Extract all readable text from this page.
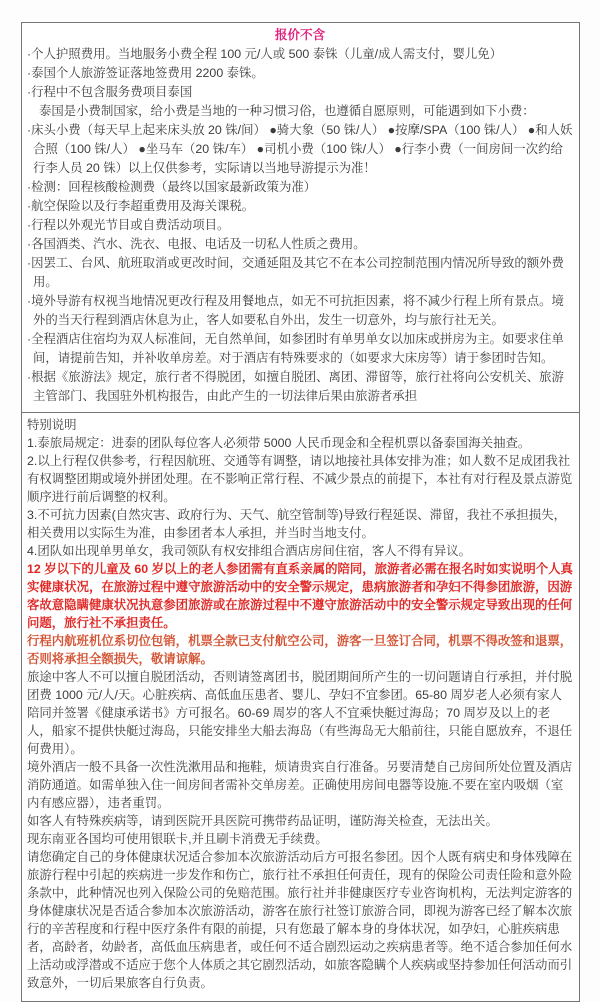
报价不含

·个人护照费用。当地服务小费全程 100 元/人或 500 泰铢（儿童/成人需支付，婴儿免）

·泰国个人旅游签证落地签费用 2200 泰铢。

·行程中不包含服务费项目泰国

泰国是小费制国家，给小费是当地的一种习惯习俗，也遵循自愿原则，可能遇到如下小费：

·床头小费（每天早上起来床头放 20 铢/间） ●骑大象（50 铢/人） ●按摩/SPA（100 铢/人） ●和人妖合照（100 铢/人） ●坐马车（20 铢/车） ●司机小费（100 铢/人） ●行李小费（一间房间一次约给行李人员 20 铢）以上仅供参考，实际请以当地导游提示为准！

·检测：回程核酸检测费（最终以国家最新政策为准）

·航空保险以及行李超重费用及海关课税。

·行程以外观光节目或自费活动项目。

·各国酒类、汽水、洗衣、电报、电话及一切私人性质之费用。

·因罢工、台风、航班取消或更改时间，交通延阻及其它不在本公司控制范围内情况所导致的额外费用。

·境外导游有权视当地情况更改行程及用餐地点，如无不可抗拒因素，将不减少行程上所有景点。境外的当天行程到酒店休息为止，客人如要私自外出，发生一切意外，均与旅行社无关。

·全程酒店住宿均为双人标准间，无自然单间，如参团时有单男单女以加床或拼房为主。如要求住单间，请提前告知，并补收单房差。对于酒店有特殊要求的（如要求大床房等）请于参团时告知。

·根据《旅游法》规定，旅行者不得脱团，如擅自脱团、离团、滞留等，旅行社将向公安机关、旅游主管部门、我国驻外机构报告，由此产生的一切法律后果由旅游者承担

特别说明

1.泰旅局规定：进泰的团队每位客人必须带 5000 人民币现金和全程机票以备泰国海关抽查。

2.以上行程仅供参考，行程因航班、交通等有调整，请以地接社具体安排为准；如人数不足成团我社有权调整团期或境外拼团处理。在不影响正常行程、不减少景点的前提下，本社有对行程及景点游览顺序进行前后调整的权利。

3.不可抗力因素(自然灾害、政府行为、天气、航空管制等)导致行程延误、滞留，我社不承担损失，相关费用以实际生为准，由参团者本人承担，并当时当地支付。

4.团队如出现单男单女，我司领队有权安排组合酒店房间住宿，客人不得有异议。

12 岁以下的儿童及 60 岁以上的老人参团需有直系亲属的陪同，旅游者必需在报名时如实说明个人真实健康状况，在旅游过程中遵守旅游活动中的安全警示规定，患病旅游者和孕妇不得参团旅游，因游客故意隐瞒健康状况执意参团旅游或在旅游过程中不遵守旅游活动中的安全警示规定导致出现的任何问题，旅行社不承担责任。

行程内航班机位系切位包销，机票全款已支付航空公司，游客一旦签订合同，机票不得改签和退票，否则将承担全额损失，敬请谅解。

旅途中客人不可以擅自脱团活动，否则请签离团书，脱团期间所产生的一切问题请自行承担，并付脱团费 1000 元/人/天。心脏疾病、高低血压患者、婴儿、孕妇不宜参团。65-80 周岁老人必须有家人陪同并签署《健康承诺书》方可报名。60-69 周岁的客人不宜乘快艇过海岛；70 周岁及以上的老人，船家不提供快艇过海岛，只能安排坐大船去海岛（有些海岛无大船前往，只能自愿放弃，不退任何费用）。

境外酒店一般不具备一次性洗漱用品和拖鞋，烦请贵宾自行准备。另要清楚自己房间所处位置及酒店消防通道。如需单独入住一间房间者需补交单房差。正确使用房间电器等设施.不要在室内吸烟（室内有感应器），违者重罚。

如客人有特殊疾病等，请到医院开具医院可携带药品证明，谨防海关检查，无法出关。

现东南亚各国均可使用银联卡,并且刷卡消费无手续费。

请您确定自己的身体健康状况适合参加本次旅游活动后方可报名参团。因个人既有病史和身体残障在旅游行程中引起的疾病进一步发作和伤亡，旅行社不承担任何责任，现有的保险公司责任险和意外险条款中，此种情况也列入保险公司的免赔范围。旅行社并非健康医疗专业咨询机构，无法判定游客的身体健康状况是否适合参加本次旅游活动，游客在旅行社签订旅游合同，即视为游客已经了解本次旅行的辛苦程度和行程中医疗条件有限的前提，只有您最了解本身的身体状况，如孕妇，心脏疾病患者，高龄者，幼龄者，高低血压病患者，或任何不适合剧烈运动之疾病患者等。绝不适合参加任何水上活动或浮潜或不适应于您个人体质之其它剧烈活动，如旅客隐瞒个人疾病或坚持参加任何活动而引致意外，一切后果旅客自行负责。
